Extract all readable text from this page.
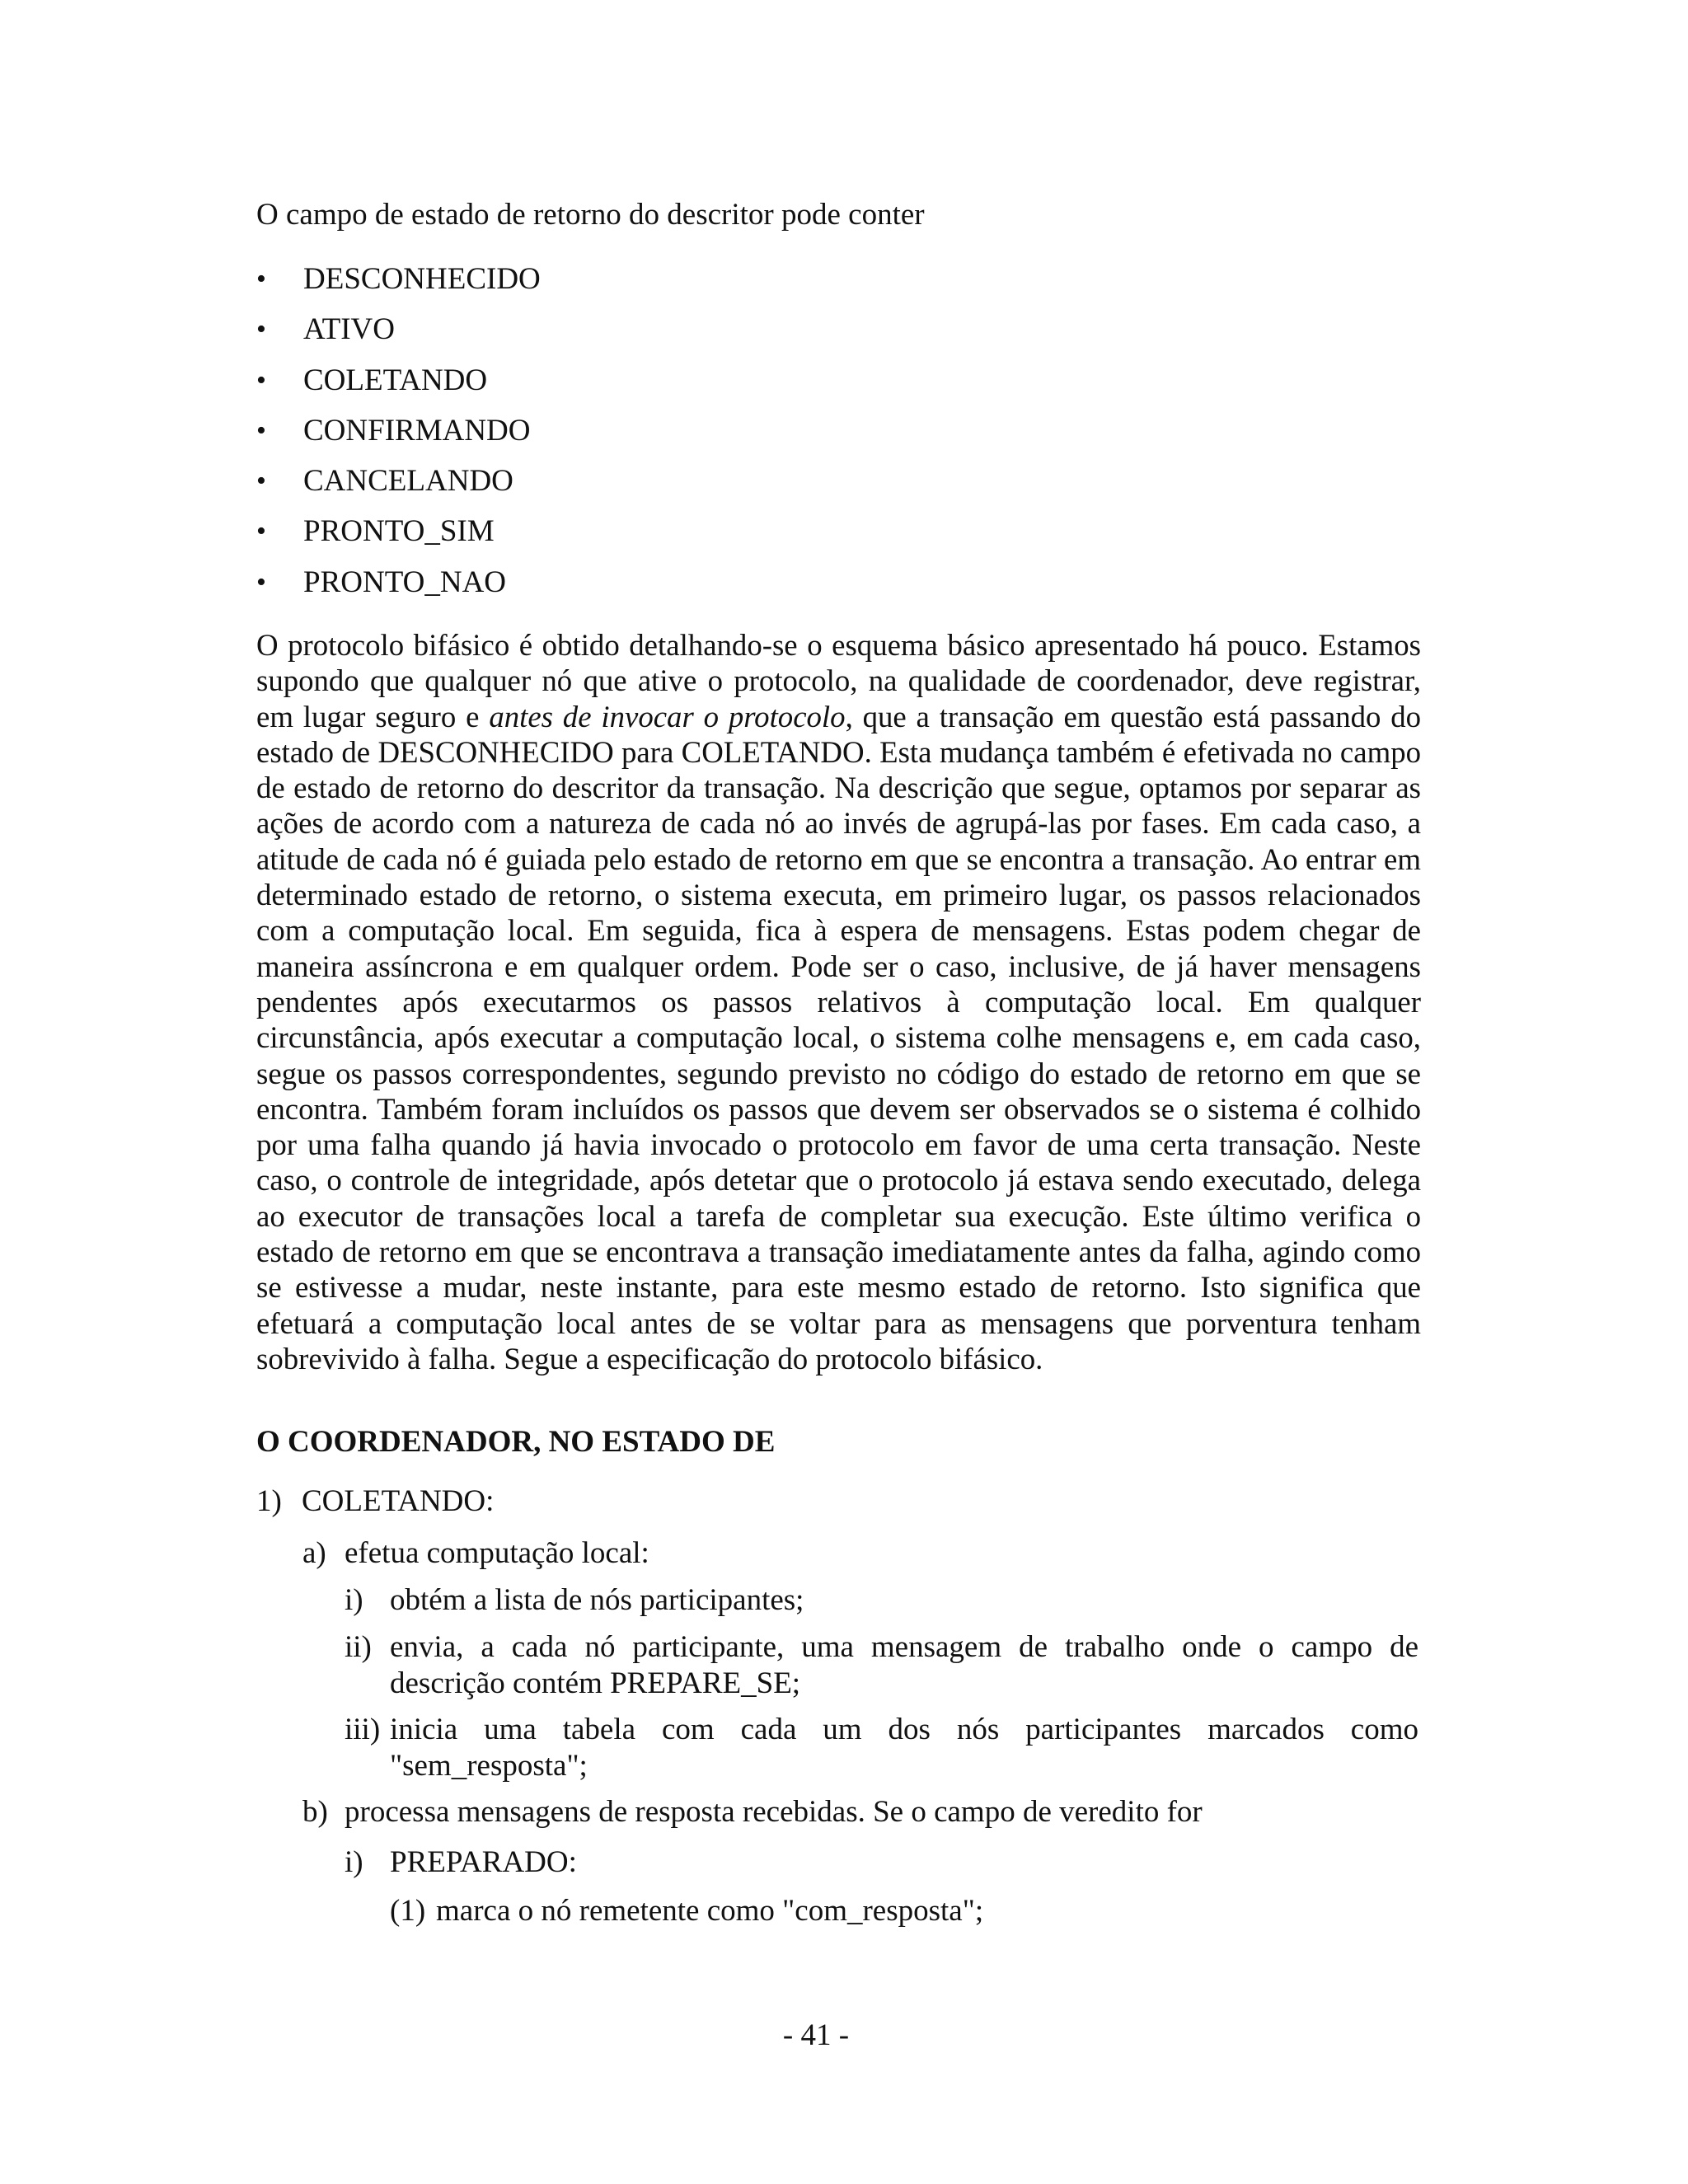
O campo de estado de retorno do descritor pode conter

• DESCONHECIDO
• ATIVO
• COLETANDO
• CONFIRMANDO
• CANCELANDO
• PRONTO_SIM
• PRONTO_NAO

O protocolo bifásico é obtido detalhando-se o esquema básico apresentado há pouco. Estamos supondo que qualquer nó que ative o protocolo, na qualidade de coordenador, deve registrar, em lugar seguro e antes de invocar o protocolo, que a transação em questão está passando do estado de DESCONHECIDO para COLETANDO. Esta mudança também é efetivada no campo de estado de retorno do descritor da transação. Na descrição que segue, optamos por separar as ações de acordo com a natureza de cada nó ao invés de agrupá-las por fases. Em cada caso, a atitude de cada nó é guiada pelo estado de retorno em que se encontra a transação. Ao entrar em determinado estado de retorno, o sistema executa, em primeiro lugar, os passos relacionados com a computação local. Em seguida, fica à espera de mensagens. Estas podem chegar de maneira assíncrona e em qualquer ordem. Pode ser o caso, inclusive, de já haver mensagens pendentes após executarmos os passos relativos à computação local. Em qualquer circunstância, após executar a computação local, o sistema colhe mensagens e, em cada caso, segue os passos correspondentes, segundo previsto no código do estado de retorno em que se encontra. Também foram incluídos os passos que devem ser observados se o sistema é colhido por uma falha quando já havia invocado o protocolo em favor de uma certa transação. Neste caso, o controle de integridade, após detetar que o protocolo já estava sendo executado, delega ao executor de transações local a tarefa de completar sua execução. Este último verifica o estado de retorno em que se encontrava a transação imediatamente antes da falha, agindo como se estivesse a mudar, neste instante, para este mesmo estado de retorno. Isto significa que efetuará a computação local antes de se voltar para as mensagens que porventura tenham sobrevivido à falha. Segue a especificação do protocolo bifásico.

O COORDENADOR, NO ESTADO DE
1) COLETANDO:
a) efetua computação local:
i) obtém a lista de nós participantes;
ii) envia, a cada nó participante, uma mensagem de trabalho onde o campo de descrição contém PREPARE_SE;
iii) inicia uma tabela com cada um dos nós participantes marcados como "sem_resposta";
b) processa mensagens de resposta recebidas. Se o campo de veredito for
i) PREPARADO:
(1) marca o nó remetente como "com_resposta";

- 41 -
